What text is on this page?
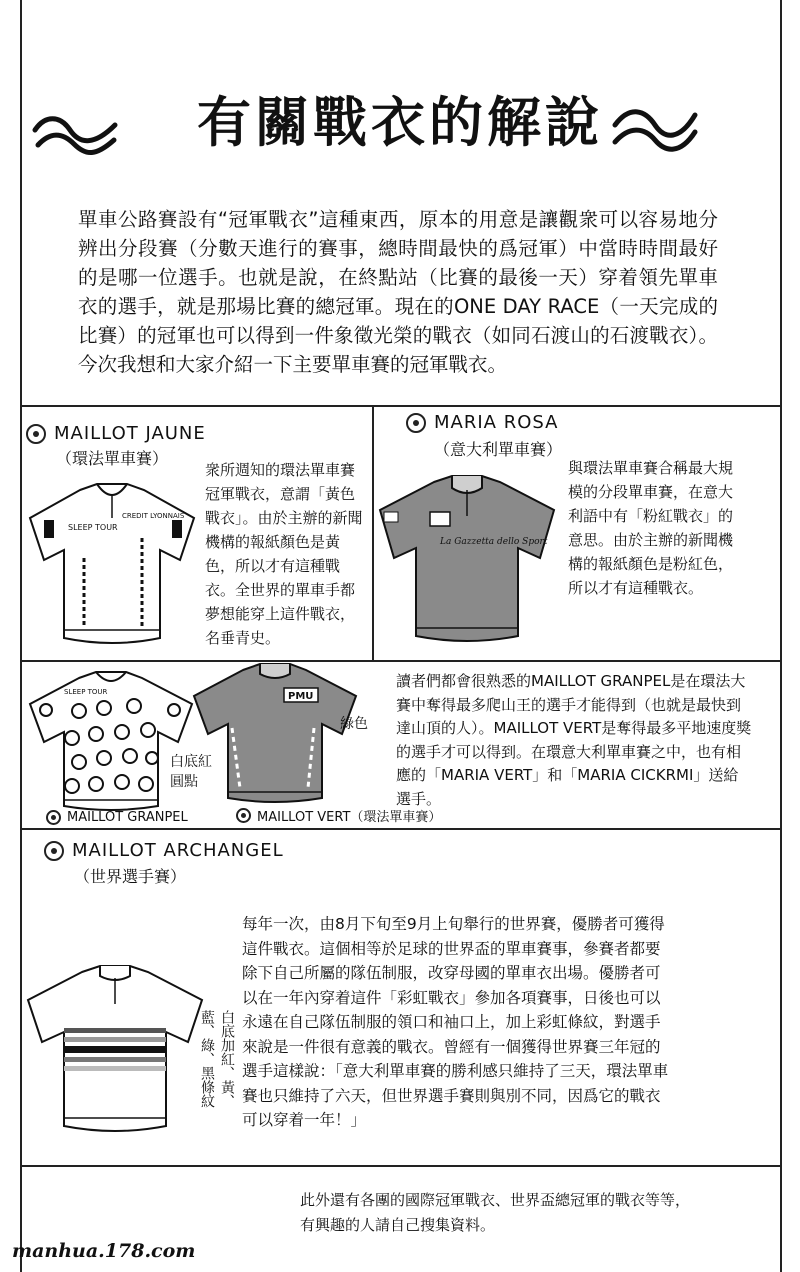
有關戰衣的解說
單車公路賽設有“冠軍戰衣”這種東西，原本的用意是讓觀衆可以容易地分辨出分段賽（分數天進行的賽事，總時間最快的爲冠軍）中當時時間最好的是哪一位選手。也就是說，在終點站（比賽的最後一天）穿着領先單車衣的選手，就是那場比賽的總冠軍。現在的ONE DAY RACE（一天完成的比賽）的冠軍也可以得到一件象徵光榮的戰衣（如同石渡山的石渡戰衣）。今次我想和大家介紹一下主要單車賽的冠軍戰衣。
MAILLOT JAUNE
（環法單車賽）
SLEEP TOUR
CREDIT LYONNAIS
衆所週知的環法單車賽冠軍戰衣，意謂「黃色戰衣」。由於主辦的新聞機構的報紙顏色是黃色，所以才有這種戰衣。全世界的單車手都夢想能穿上這件戰衣，名垂青史。
MARIA ROSA
（意大利單車賽）
La Gazzetta dello Sport
與環法單車賽合稱最大規模的分段單車賽，在意大利語中有「粉紅戰衣」的意思。由於主辦的新聞機構的報紙顏色是粉紅色，所以才有這種戰衣。
SLEEP TOUR
白底紅圓點
MAILLOT GRANPEL
PMU
綠色
MAILLOT VERT（環法單車賽）
讀者們都會很熟悉的MAILLOT GRANPEL是在環法大賽中奪得最多爬山王的選手才能得到（也就是最快到達山頂的人）。MAILLOT VERT是奪得最多平地速度獎的選手才可以得到。在環意大利單車賽之中，也有相應的「MARIA VERT」和「MARIA CICKRMI」送給選手。
MAILLOT ARCHANGEL
（世界選手賽）
白底加紅、黃、
藍、綠、黑條紋
每年一次，由8月下旬至9月上旬舉行的世界賽，優勝者可獲得這件戰衣。這個相等於足球的世界盃的單車賽事，參賽者都要除下自己所屬的隊伍制服，改穿母國的單車衣出場。優勝者可以在一年內穿着這件「彩虹戰衣」參加各項賽事，日後也可以永遠在自己隊伍制服的領口和袖口上，加上彩虹條紋，對選手來說是一件很有意義的戰衣。曾經有一個獲得世界賽三年冠的選手這樣說：「意大利單車賽的勝利感只維持了三天，環法單車賽也只維持了六天，但世界選手賽則與別不同，因爲它的戰衣可以穿着一年！」
此外還有各團的國際冠軍戰衣、世界盃總冠軍的戰衣等等，有興趣的人請自己搜集資料。
manhua.178.com
